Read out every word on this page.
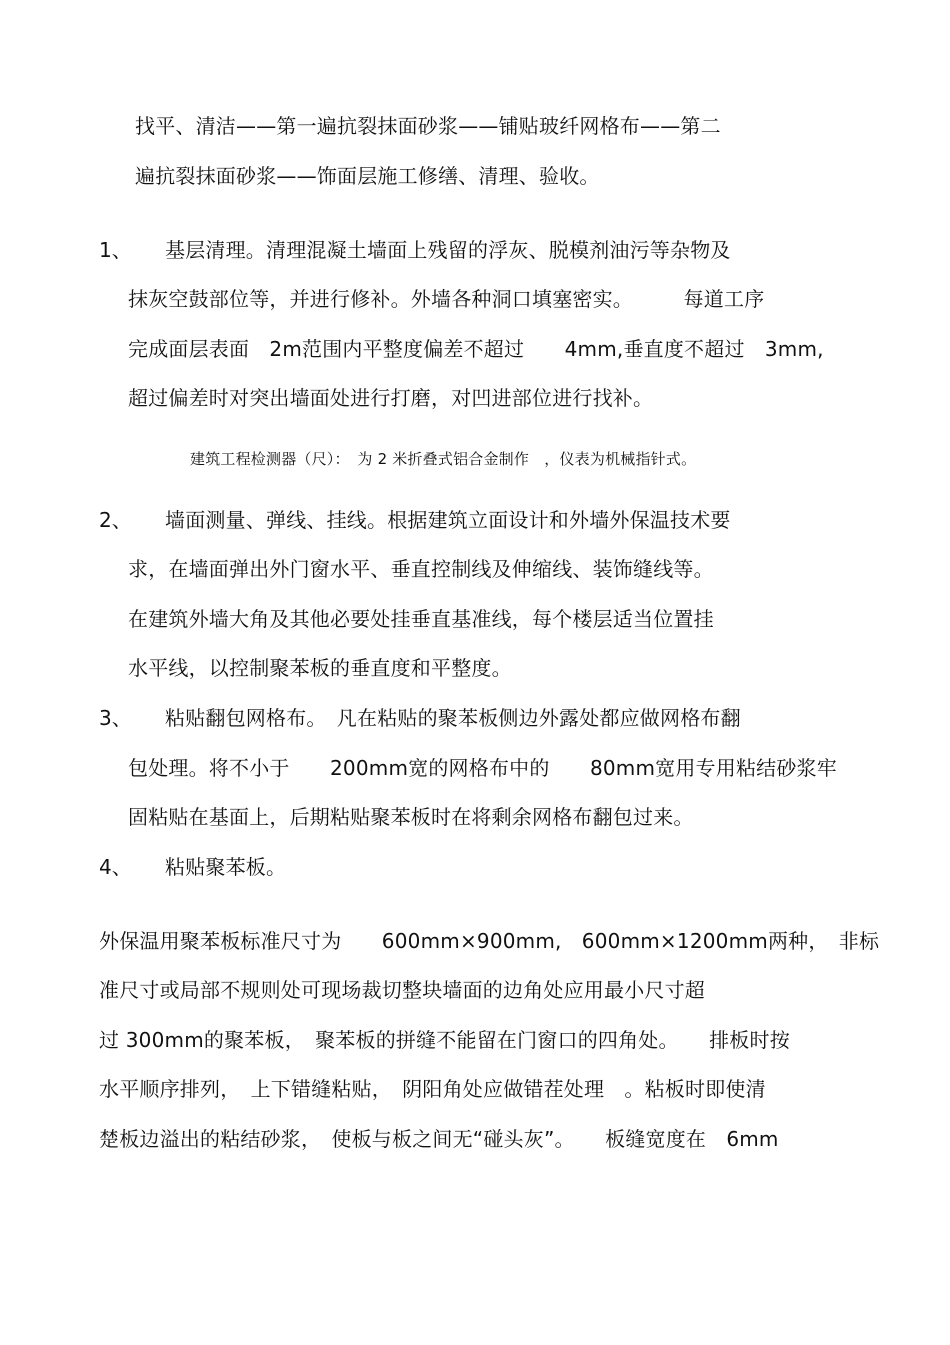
找平、清洁——第一遍抗裂抹面砂浆——铺贴玻纤网格布——第二
遍抗裂抹面砂浆——饰面层施工修缮、清理、验收。
1、 基层清理。清理混凝土墙面上残留的浮灰、脱模剂油污等杂物及
抹灰空鼓部位等，并进行修补。外墙各种洞口填塞密实。　　　每道工序
完成面层表面　2m范围内平整度偏差不超过　　4mm,垂直度不超过　3mm,
超过偏差时对突出墙面处进行打磨，对凹进部位进行找补。
建筑工程检测器（尺）：　为 2 米折叠式铝合金制作　，仪表为机械指针式。
2、 墙面测量、弹线、挂线。根据建筑立面设计和外墙外保温技术要
求，在墙面弹出外门窗水平、垂直控制线及伸缩线、装饰缝线等。
在建筑外墙大角及其他必要处挂垂直基准线，每个楼层适当位置挂
水平线，以控制聚苯板的垂直度和平整度。
3、 粘贴翻包网格布。　凡在粘贴的聚苯板侧边外露处都应做网格布翻
包处理。将不小于　　200mm宽的网格布中的　　80mm宽用专用粘结砂浆牢
固粘贴在基面上，后期粘贴聚苯板时在将剩余网格布翻包过来。
4、 粘贴聚苯板。
外保温用聚苯板标准尺寸为　　600mm×900mm,　600mm×1200mm两种，　非标
准尺寸或局部不规则处可现场裁切整块墙面的边角处应用最小尺寸超
过 300mm的聚苯板，　聚苯板的拼缝不能留在门窗口的四角处。　　排板时按
水平顺序排列，　上下错缝粘贴，　阴阳角处应做错茬处理　。粘板时即使清
楚板边溢出的粘结砂浆，　使板与板之间无“碰头灰”。　　板缝宽度在　6mm
